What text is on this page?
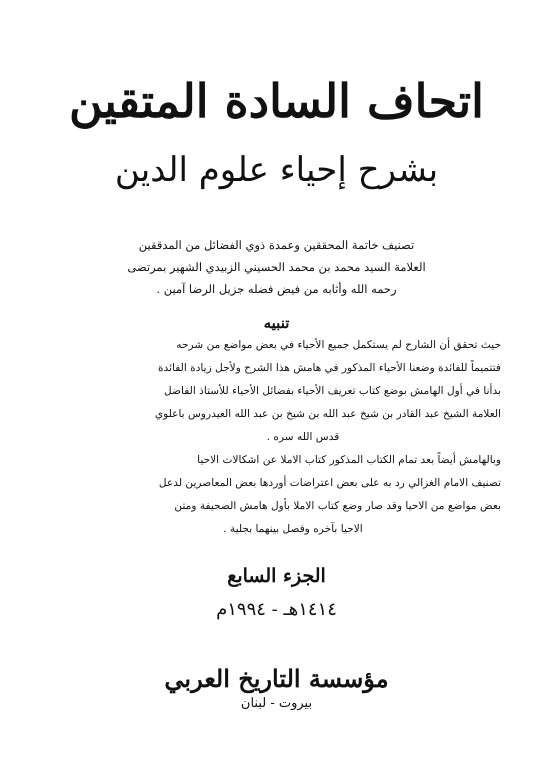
اتحاف السادة المتقين
بشرح إحياء علوم الدين
تصنيف خاتمة المحققين وعمدة ذوي الفضائل من المدققين
العلامة السيد محمد بن محمد الحسيني الزبيدي الشهير بمرتضى
رحمه الله وأثابه من فيض فضله جزيل الرضا آمين .
تنبيه
حيث تحقق أن الشارح لم يستكمل جميع الأحياء في بعض مواضع من شرحه
فتتميماً للفائدة وضعنا الأحياء المذكور في هامش هذا الشرح ولأجل زيادة الفائدة
بدأنا في أول الهامش بوضع كتاب تعريف الأحياء بفضائل الأحياء للأستاذ الفاضل
العلامة الشيخ عبد القادر بن شيخ عبد الله بن شيخ بن عبد الله العيدروس باعلوي
قدس الله سره .
وبالهامش أيضاً بعد تمام الكتاب المذكور كتاب الاملا عن اشكالات الاحيا
تصنيف الامام الغزالي رد به على بعض اعتراضات أوردها بعض المعاصرين لدعل
بعض مواضع من الاحيا وقد صار وضع كتاب الاملا بأول هامش الصحيفة ومتن
الاحيا بآخره وفصل بينهما بجلية .
الجزء السابع
١٤١٤هـ - ١٩٩٤م
مؤسسة التاريخ العربي
بيروت - لبنان
